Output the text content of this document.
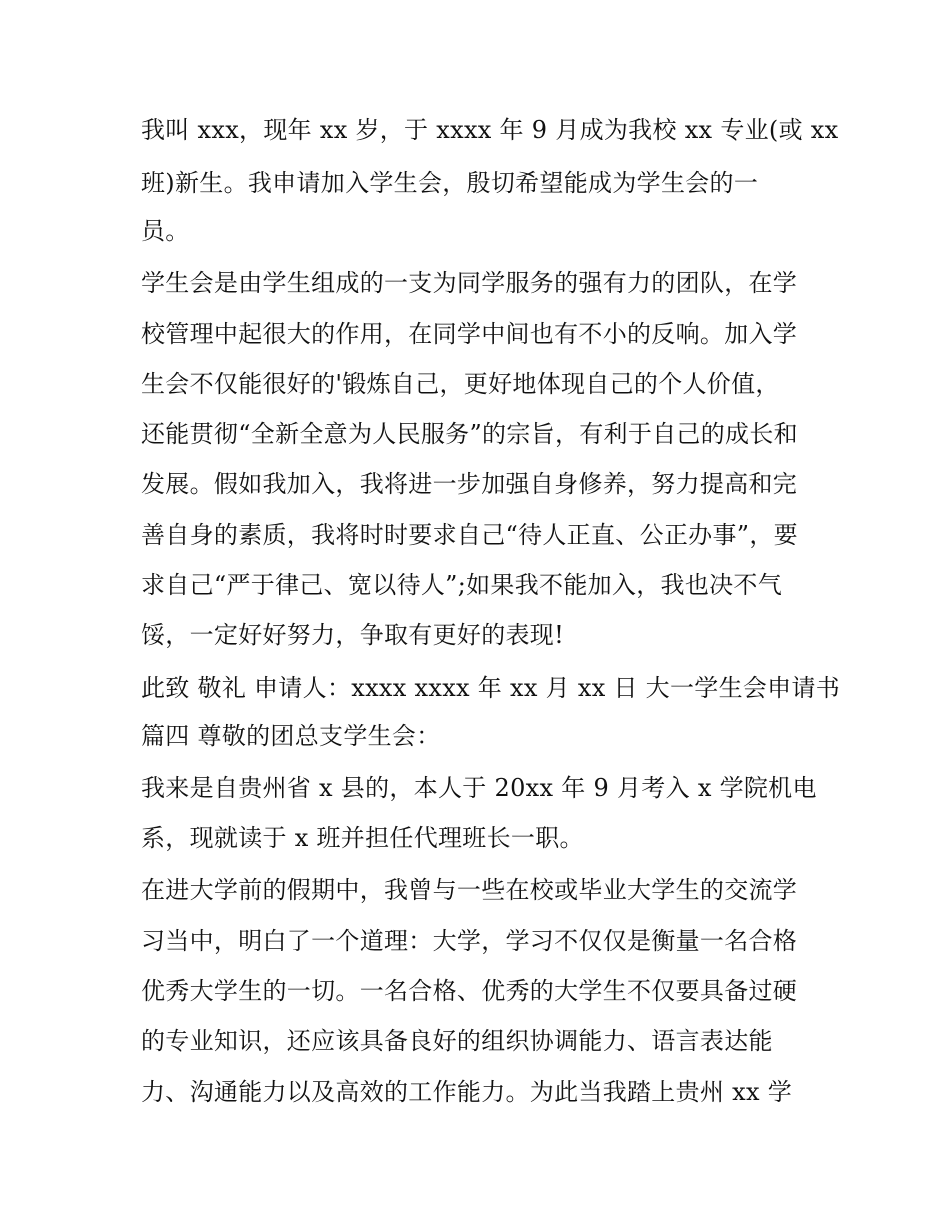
我叫 xxx，现年 xx 岁，于 xxxx 年 9 月成为我校 xx 专业(或 xx
班)新生。我申请加入学生会，殷切希望能成为学生会的一
员。
学生会是由学生组成的一支为同学服务的强有力的团队，在学
校管理中起很大的作用，在同学中间也有不小的反响。加入学
生会不仅能很好的'锻炼自己，更好地体现自己的个人价值，
还能贯彻“全新全意为人民服务”的宗旨，有利于自己的成长和
发展。假如我加入，我将进一步加强自身修养，努力提高和完
善自身的素质，我将时时要求自己“待人正直、公正办事”，要
求自己“严于律己、宽以待人”;如果我不能加入，我也决不气
馁，一定好好努力，争取有更好的表现!
此致 敬礼 申请人：xxxx xxxx 年 xx 月 xx 日 大一学生会申请书
篇四 尊敬的团总支学生会：
我来是自贵州省 x 县的，本人于 20xx 年 9 月考入 x 学院机电
系，现就读于 x 班并担任代理班长一职。
在进大学前的假期中，我曾与一些在校或毕业大学生的交流学
习当中，明白了一个道理：大学，学习不仅仅是衡量一名合格
优秀大学生的一切。一名合格、优秀的大学生不仅要具备过硬
的专业知识，还应该具备良好的组织协调能力、语言表达能
力、沟通能力以及高效的工作能力。为此当我踏上贵州 xx 学
